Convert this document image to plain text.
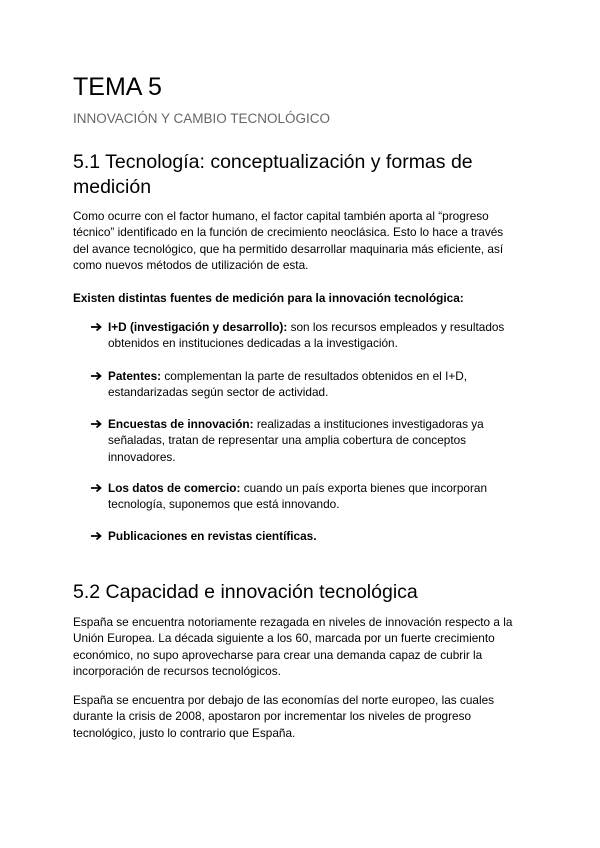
TEMA 5
INNOVACIÓN Y CAMBIO TECNOLÓGICO
5.1 Tecnología: conceptualización y formas de
medición
Como ocurre con el factor humano, el factor capital también aporta al “progreso
técnico” identificado en la función de crecimiento neoclásica. Esto lo hace a través
del avance tecnológico, que ha permitido desarrollar maquinaria más eficiente, así
como nuevos métodos de utilización de esta.
Existen distintas fuentes de medición para la innovación tecnológica:
I+D (investigación y desarrollo): son los recursos empleados y resultados
obtenidos en instituciones dedicadas a la investigación.
Patentes: complementan la parte de resultados obtenidos en el I+D,
estandarizadas según sector de actividad.
Encuestas de innovación: realizadas a instituciones investigadoras ya
señaladas, tratan de representar una amplia cobertura de conceptos
innovadores.
Los datos de comercio: cuando un país exporta bienes que incorporan
tecnología, suponemos que está innovando.
Publicaciones en revistas científicas.
5.2 Capacidad e innovación tecnológica
España se encuentra notoriamente rezagada en niveles de innovación respecto a la
Unión Europea. La década siguiente a los 60, marcada por un fuerte crecimiento
económico, no supo aprovecharse para crear una demanda capaz de cubrir la
incorporación de recursos tecnológicos.
España se encuentra por debajo de las economías del norte europeo, las cuales
durante la crisis de 2008, apostaron por incrementar los niveles de progreso
tecnológico, justo lo contrario que España.
